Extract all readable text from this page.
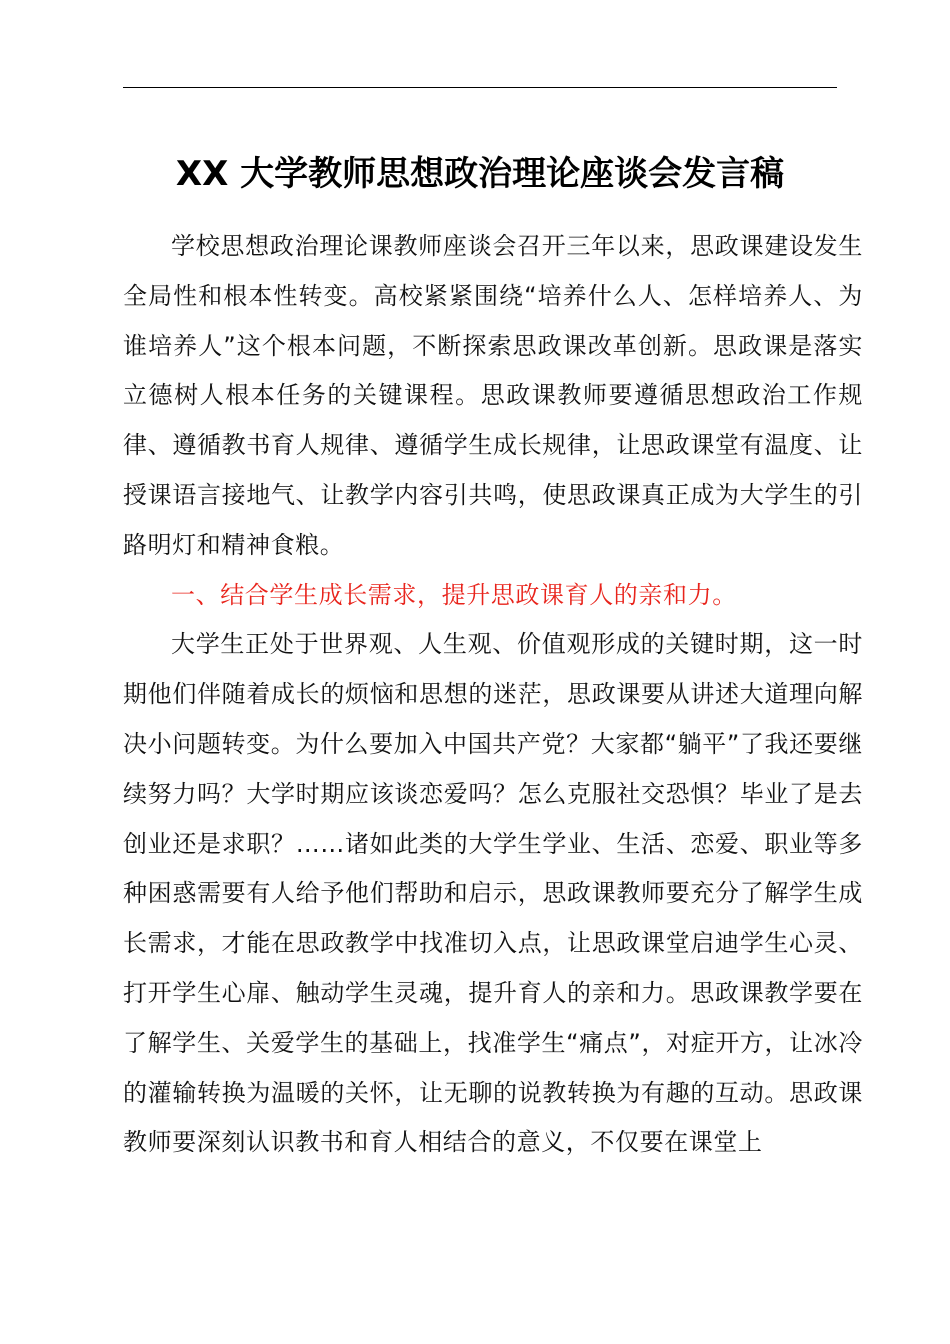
XX 大学教师思想政治理论座谈会发言稿

学校思想政治理论课教师座谈会召开三年以来，思政课建设发生全局性和根本性转变。高校紧紧围绕“培养什么人、怎样培养人、为谁培养人”这个根本问题，不断探索思政课改革创新。思政课是落实立德树人根本任务的关键课程。思政课教师要遵循思想政治工作规律、遵循教书育人规律、遵循学生成长规律，让思政课堂有温度、让授课语言接地气、让教学内容引共鸣，使思政课真正成为大学生的引路明灯和精神食粮。

一、结合学生成长需求，提升思政课育人的亲和力。

大学生正处于世界观、人生观、价值观形成的关键时期，这一时期他们伴随着成长的烦恼和思想的迷茫，思政课要从讲述大道理向解决小问题转变。为什么要加入中国共产党？大家都“躺平”了我还要继续努力吗？大学时期应该谈恋爱吗？怎么克服社交恐惧？毕业了是去创业还是求职？……诸如此类的大学生学业、生活、恋爱、职业等多种困惑需要有人给予他们帮助和启示，思政课教师要充分了解学生成长需求，才能在思政教学中找准切入点，让思政课堂启迪学生心灵、打开学生心扉、触动学生灵魂，提升育人的亲和力。思政课教学要在了解学生、关爱学生的基础上，找准学生“痛点”，对症开方，让冰冷的灌输转换为温暖的关怀，让无聊的说教转换为有趣的互动。思政课教师要深刻认识教书和育人相结合的意义，不仅要在课堂上
